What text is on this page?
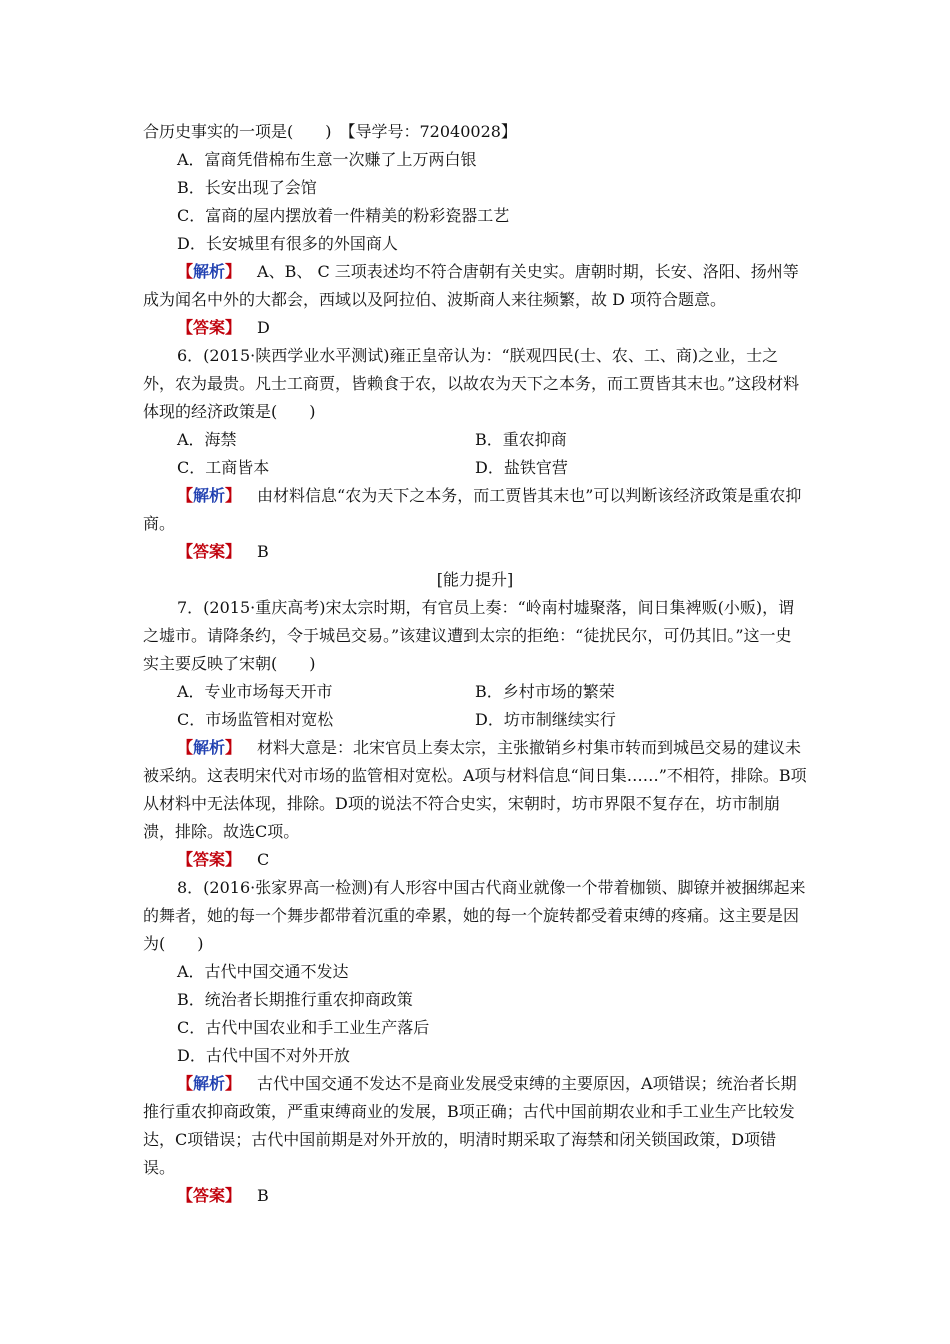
合历史事实的一项是(　　)　【导学号：72040028】

A．富商凭借棉布生意一次赚了上万两白银

B．长安出现了会馆

C．富商的屋内摆放着一件精美的粉彩瓷器工艺

D．长安城里有很多的外国商人

【解析】 A、B、 C 三项表述均不符合唐朝有关史实。唐朝时期，长安、洛阳、扬州等成为闻名中外的大都会，西域以及阿拉伯、波斯商人来往频繁，故 D 项符合题意。

【答案】 D

6．(2015·陕西学业水平测试)雍正皇帝认为：“朕观四民(士、农、工、商)之业，士之外，农为最贵。凡士工商贾，皆赖食于农，以故农为天下之本务，而工贾皆其末也。”这段材料体现的经济政策是(　　)

A．海禁	B．重农抑商
C．工商皆本	D．盐铁官营

【解析】 由材料信息“农为天下之本务，而工贾皆其末也”可以判断该经济政策是重农抑商。

【答案】 B

[能力提升]

7．(2015·重庆高考)宋太宗时期，有官员上奏：“岭南村墟聚落，间日集裨贩(小贩)，谓之墟市。请降条约，令于城邑交易。”该建议遭到太宗的拒绝：“徒扰民尔，可仍其旧。”这一史实主要反映了宋朝(　　)

A．专业市场每天开市	B．乡村市场的繁荣
C．市场监管相对宽松	D．坊市制继续实行

【解析】 材料大意是：北宋官员上奏太宗，主张撤销乡村集市转而到城邑交易的建议未被采纳。这表明宋代对市场的监管相对宽松。A项与材料信息“间日集……”不相符，排除。B项从材料中无法体现，排除。D项的说法不符合史实，宋朝时，坊市界限不复存在，坊市制崩溃，排除。故选C项。

【答案】 C

8．(2016·张家界高一检测)有人形容中国古代商业就像一个带着枷锁、脚镣并被捆绑起来的舞者，她的每一个舞步都带着沉重的牵累，她的每一个旋转都受着束缚的疼痛。这主要是因为(　　)

A．古代中国交通不发达

B．统治者长期推行重农抑商政策

C．古代中国农业和手工业生产落后

D．古代中国不对外开放

【解析】 古代中国交通不发达不是商业发展受束缚的主要原因，A项错误；统治者长期推行重农抑商政策，严重束缚商业的发展，B项正确；古代中国前期农业和手工业生产比较发达，C项错误；古代中国前期是对外开放的，明清时期采取了海禁和闭关锁国政策，D项错误。

【答案】 B
